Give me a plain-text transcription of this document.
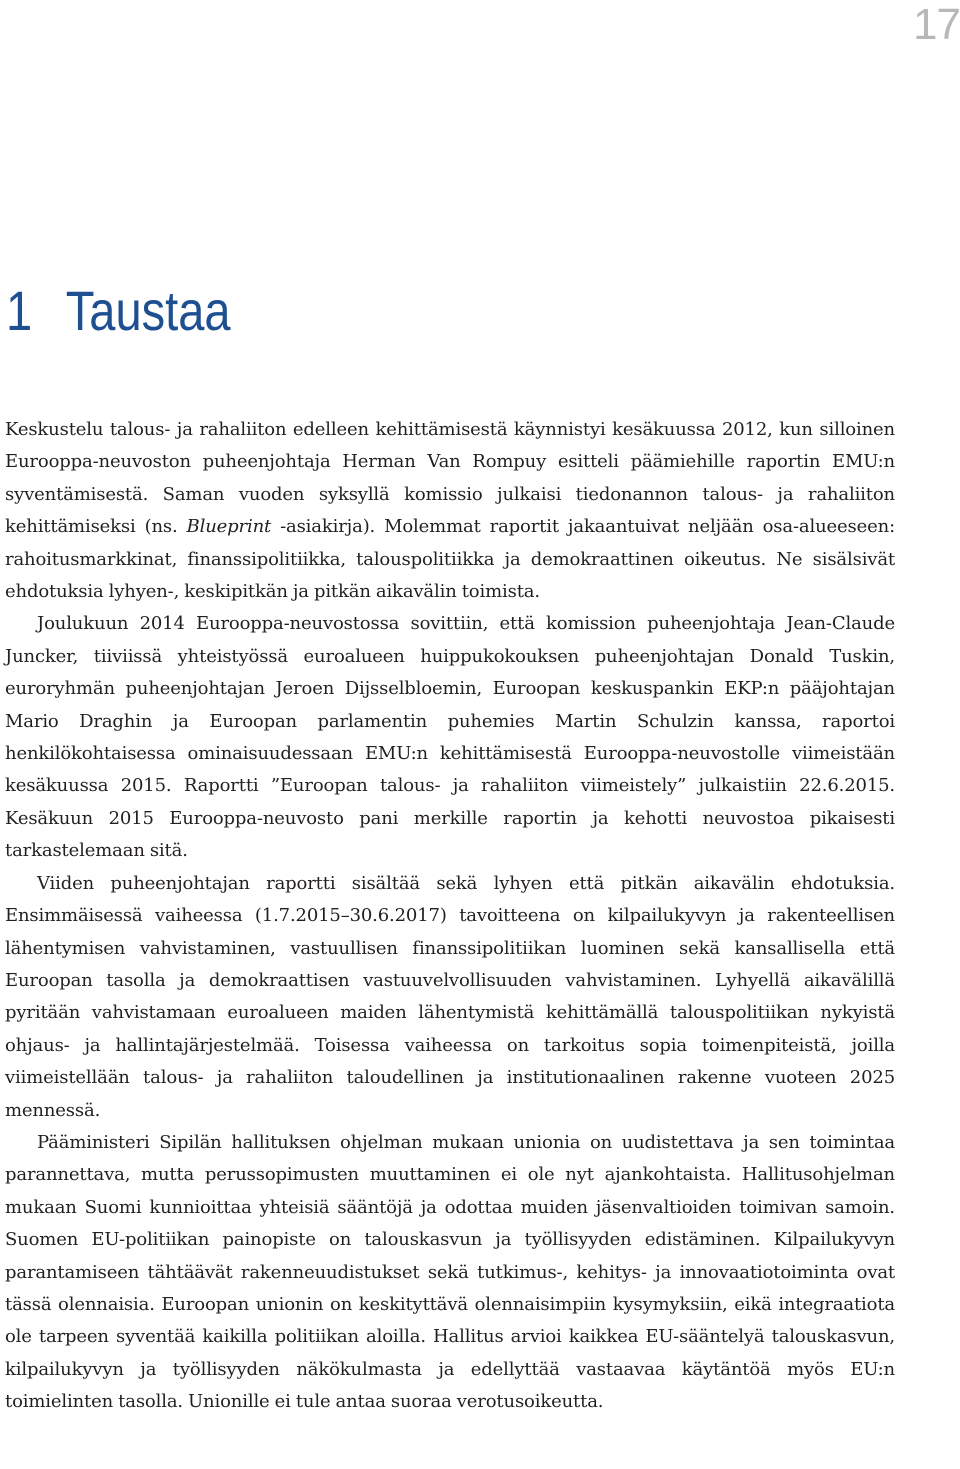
17
1 Taustaa

Keskustelu talous- ja rahaliiton edelleen kehittämisestä käynnistyi kesäkuussa 2012, kun silloinen Eurooppa-neuvoston puheenjohtaja Herman Van Rompuy esitteli päämiehille raportin EMU:n syventämisestä. Saman vuoden syksyllä komissio julkaisi tiedonannon talous- ja rahaliiton kehittämiseksi (ns. Blueprint -asiakirja). Molemmat raportit jakaantuivat neljään osa-alueeseen: rahoitusmarkkinat, finanssipolitiikka, talouspolitiikka ja demokraattinen oikeutus. Ne sisälsivät ehdotuksia lyhyen-, keskipitkän ja pitkän aikavälin toimista.

Joulukuun 2014 Eurooppa-neuvostossa sovittiin, että komission puheenjohtaja Jean-Claude Juncker, tiiviissä yhteistyössä euroalueen huippukokouksen puheenjohtajan Donald Tuskin, euroryhmän puheenjohtajan Jeroen Dijsselbloemin, Euroopan keskuspankin EKP:n pääjohtajan Mario Draghin ja Euroopan parlamentin puhemies Martin Schulzin kanssa, raportoi henkilökohtaisessa ominaisuudessaan EMU:n kehittämisestä Eurooppa-neuvostolle viimeistään kesäkuussa 2015. Raportti ”Euroopan talous- ja rahaliiton viimeistely” julkaistiin 22.6.2015. Kesäkuun 2015 Eurooppa-neuvosto pani merkille raportin ja kehotti neuvostoa pikaisesti tarkastelemaan sitä.

Viiden puheenjohtajan raportti sisältää sekä lyhyen että pitkän aikavälin ehdotuksia. Ensimmäisessä vaiheessa (1.7.2015–30.6.2017) tavoitteena on kilpailukyvyn ja rakenteellisen lähentymisen vahvistaminen, vastuullisen finanssipolitiikan luominen sekä kansallisella että Euroopan tasolla ja demokraattisen vastuuvelvollisuuden vahvistaminen. Lyhyellä aikavälillä pyritään vahvistamaan euroalueen maiden lähentymistä kehittämällä talouspolitiikan nykyistä ohjaus- ja hallintajärjestelmää. Toisessa vaiheessa on tarkoitus sopia toimenpiteistä, joilla viimeistellään talous- ja rahaliiton taloudellinen ja institutionaalinen rakenne vuoteen 2025 mennessä.

Pääministeri Sipilän hallituksen ohjelman mukaan unionia on uudistettava ja sen toimintaa parannettava, mutta perussopimusten muuttaminen ei ole nyt ajankohtaista. Hallitusohjelman mukaan Suomi kunnioittaa yhteisiä sääntöjä ja odottaa muiden jäsenvaltioiden toimivan samoin. Suomen EU-politiikan painopiste on talouskasvun ja työllisyyden edistäminen. Kilpailukyvyn parantamiseen tähtäävät rakenneuudistukset sekä tutkimus-, kehitys- ja innovaatiotoiminta ovat tässä olennaisia. Euroopan unionin on keskityttävä olennaisimpiin kysymyksiin, eikä integraatiota ole tarpeen syventää kaikilla politiikan aloilla. Hallitus arvioi kaikkea EU-sääntelyä talouskasvun, kilpailukyvyn ja työllisyyden näkökulmasta ja edellyttää vastaavaa käytäntöä myös EU:n toimielinten tasolla. Unionille ei tule antaa suoraa verotusoikeutta.
